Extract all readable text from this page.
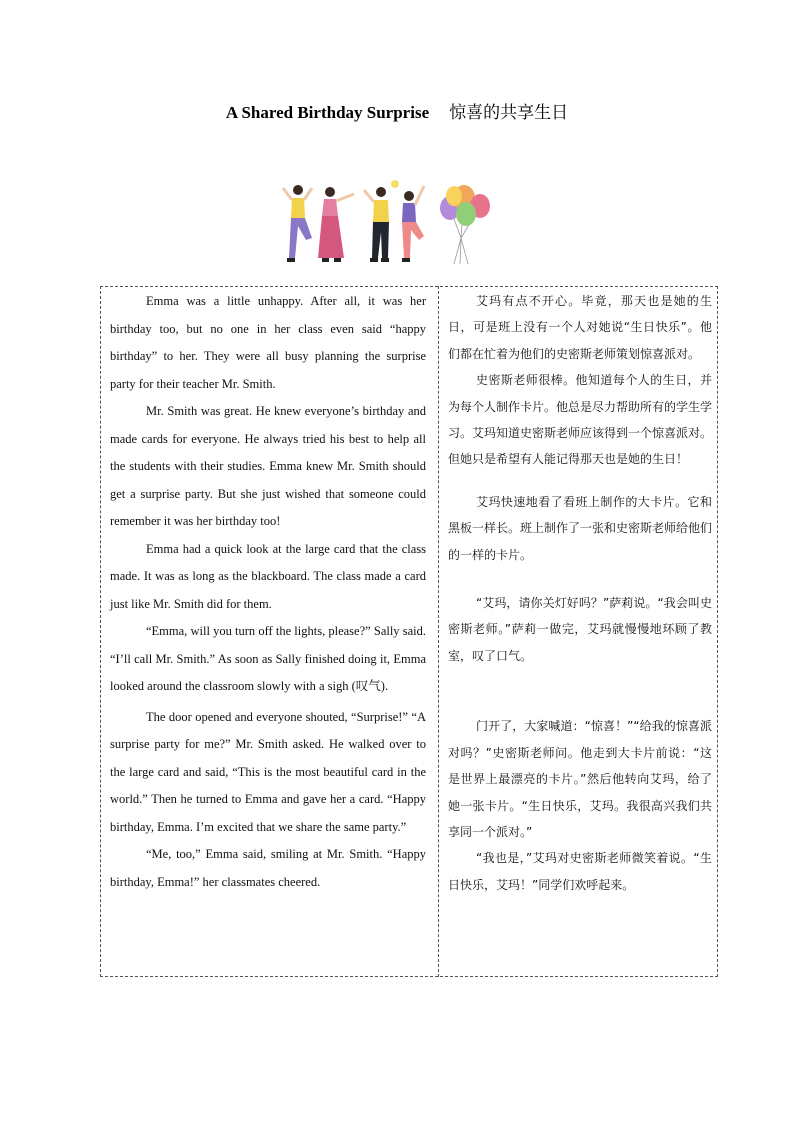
A Shared Birthday Surprise 惊喜的共享生日

Emma was a little unhappy. After all, it was her birthday too, but no one in her class even said “happy birthday” to her. They were all busy planning the surprise party for their teacher Mr. Smith.

Mr. Smith was great. He knew everyone’s birthday and made cards for everyone. He always tried his best to help all the students with their studies. Emma knew Mr. Smith should get a surprise party. But she just wished that someone could remember it was her birthday too!

Emma had a quick look at the large card that the class made. It was as long as the blackboard. The class made a card just like Mr. Smith did for them.

“Emma, will you turn off the lights, please?” Sally said. “I’ll call Mr. Smith.” As soon as Sally finished doing it, Emma looked around the classroom slowly with a sigh (叹气).

The door opened and everyone shouted, “Surprise!” “A surprise party for me?” Mr. Smith asked. He walked over to the large card and said, “This is the most beautiful card in the world.” Then he turned to Emma and gave her a card. “Happy birthday, Emma. I’m excited that we share the same party.”

“Me, too,” Emma said, smiling at Mr. Smith. “Happy birthday, Emma!” her classmates cheered.

艾玛有点不开心。毕竟，那天也是她的生日，可是班上没有一个人对她说“生日快乐”。他们都在忙着为他们的史密斯老师策划惊喜派对。

史密斯老师很棒。他知道每个人的生日，并为每个人制作卡片。他总是尽力帮助所有的学生学习。艾玛知道史密斯老师应该得到一个惊喜派对。但她只是希望有人能记得那天也是她的生日！

艾玛快速地看了看班上制作的大卡片。它和黑板一样长。班上制作了一张和史密斯老师给他们的一样的卡片。

“艾玛，请你关灯好吗？”萨莉说。“我会叫史密斯老师。”萨莉一做完，艾玛就慢慢地环顾了教室，叹了口气。

门开了，大家喊道：“惊喜！”“给我的惊喜派对吗？”史密斯老师问。他走到大卡片前说：“这是世界上最漂亮的卡片。”然后他转向艾玛，给了她一张卡片。“生日快乐，艾玛。我很高兴我们共享同一个派对。”

“我也是，”艾玛对史密斯老师微笑着说。“生日快乐，艾玛！”同学们欢呼起来。
